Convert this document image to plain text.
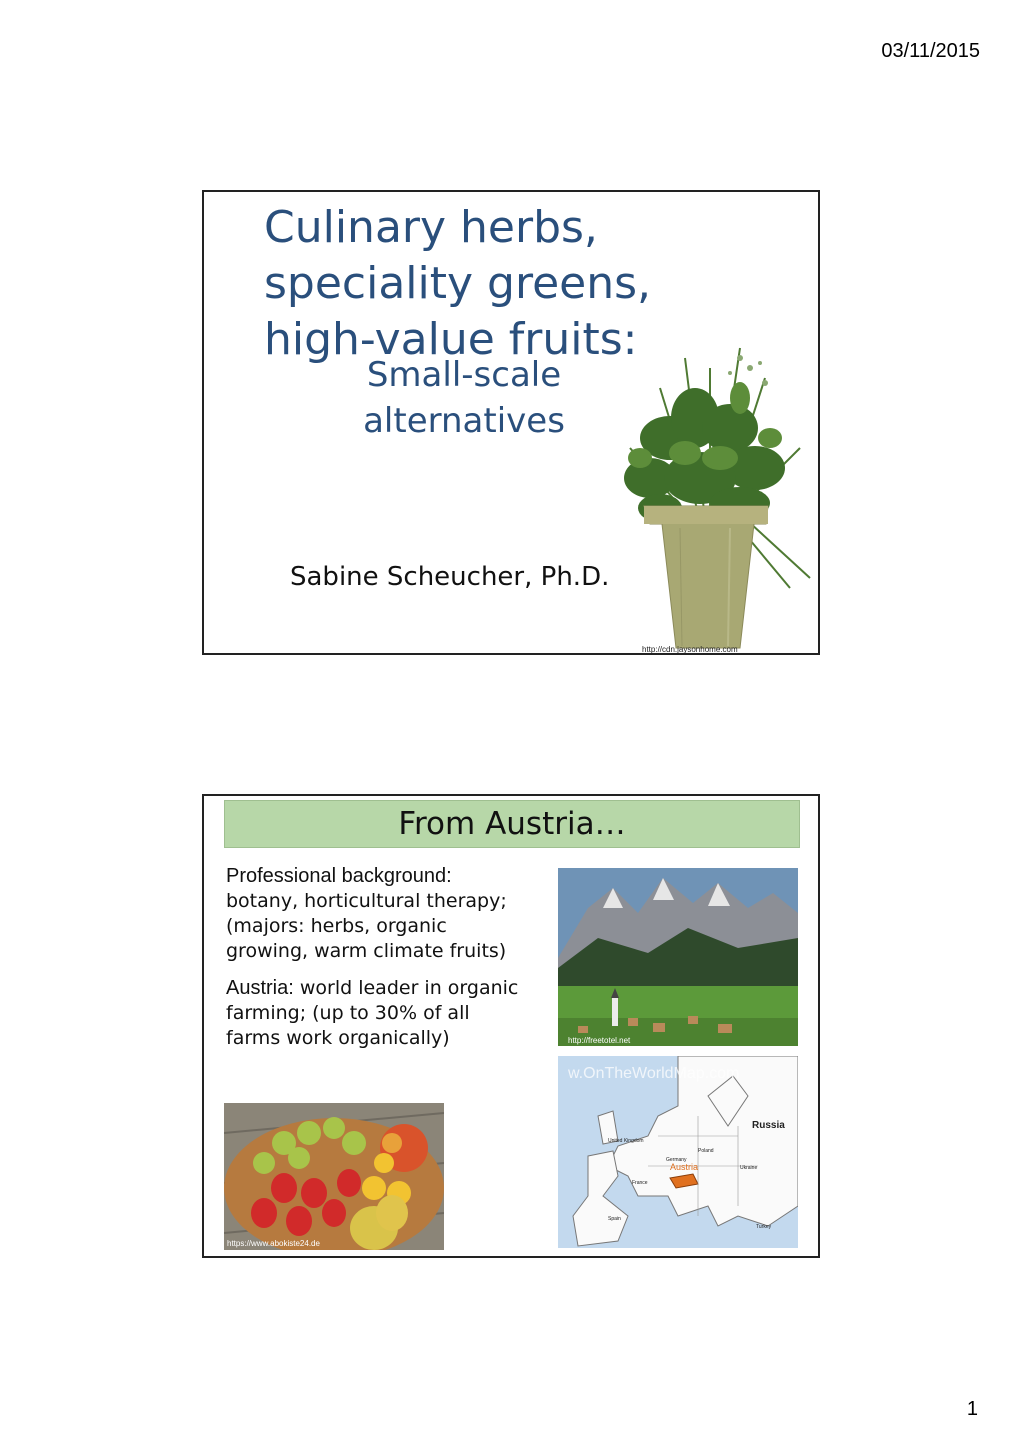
03/11/2015
Culinary herbs, speciality greens, high-value fruits:
Small-scale alternatives
Sabine Scheucher, Ph.D.
http://cdn.jaysonhome.com
From Austria…

Professional background: botany, horticultural therapy; (majors: herbs, organic growing, warm climate fruits)

Austria: world leader in organic farming; (up to 30% of all farms work organically)	http://freetotel.net
w.OnTheWorldMap.com
Russia
United Kingdom
Poland
Germany
Austria	Ukraine
France
Spain
Turkey
https://www.abokiste24.de
1
